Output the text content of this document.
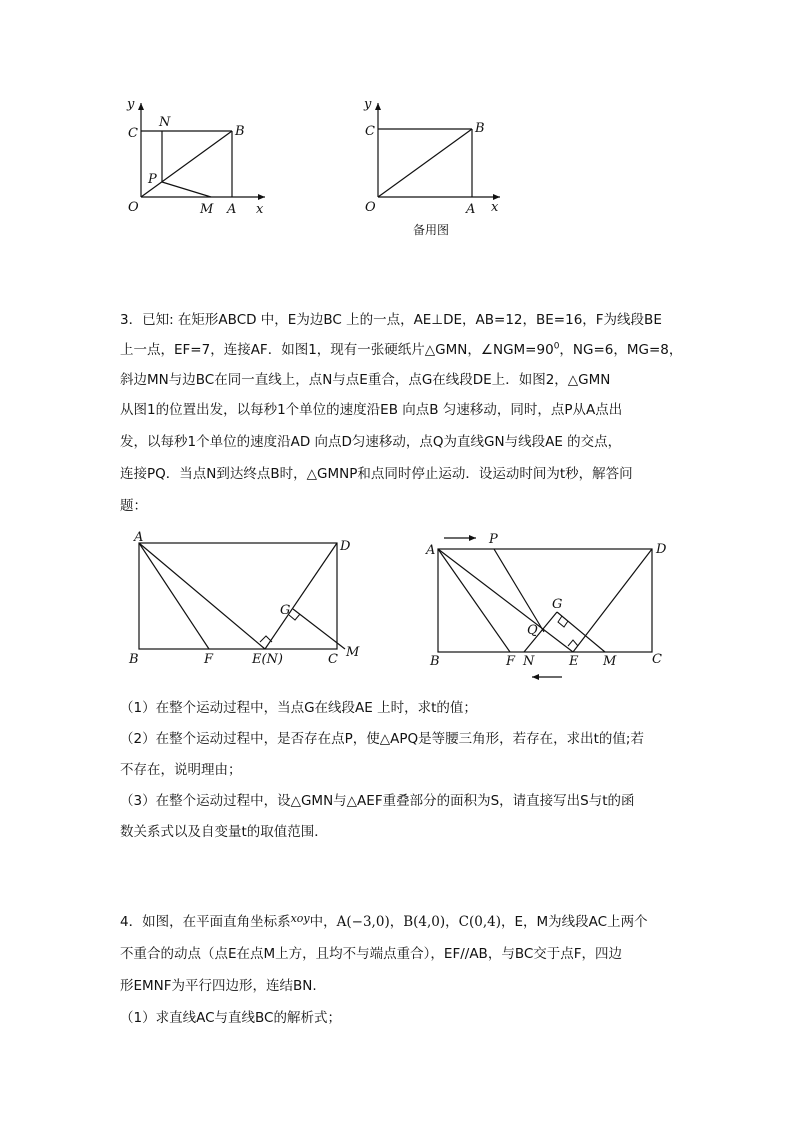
y
C
N
B
P
O	M A x
y
C	B
O	A x
备用图
3．已知: 在矩形ABCD 中，E为边BC 上的一点，AE⊥DE，AB=12，BE=16，F为线段BE
上一点，EF=7，连接AF．如图1，现有一张硬纸片△GMN，$\angle NGM=90^0$，NG=6，MG=8，
斜边MN与边BC在同一直线上，点N与点E重合，点G在线段DE上．如图2，△GMN
从图1的位置出发，以每秒1个单位的速度沿EB 向点B 匀速移动，同时，点P从A点出
发，以每秒1个单位的速度沿AD 向点D匀速移动，点Q为直线GN与线段AE 的交点，
连接PQ．当点N到达终点B时，△GMNP和点同时停止运动．设运动时间为t秒，解答问
题：
A
D
G
B	F	E(N)	C M
A
P
D
G
Q
B	F N	E M	C
（1）在整个运动过程中，当点G在线段AE 上时，求t的值；
（2）在整个运动过程中，是否存在点P，使△APQ是等腰三角形，若存在，求出t的值;若
不存在，说明理由；
（3）在整个运动过程中，设△GMN与△AEF重叠部分的面积为S，请直接写出S与t的函
数关系式以及自变量t的取值范围．
4．如图，在平面直角坐标系$^{xoy}$中，A(−3,0)，B(4,0)，C(0,4)，E，M为线段AC上两个
不重合的动点（点E在点M上方，且均不与端点重合），EF//AB，与BC交于点F，四边
形EMNF为平行四边形，连结BN.
（1）求直线AC与直线BC的解析式；
